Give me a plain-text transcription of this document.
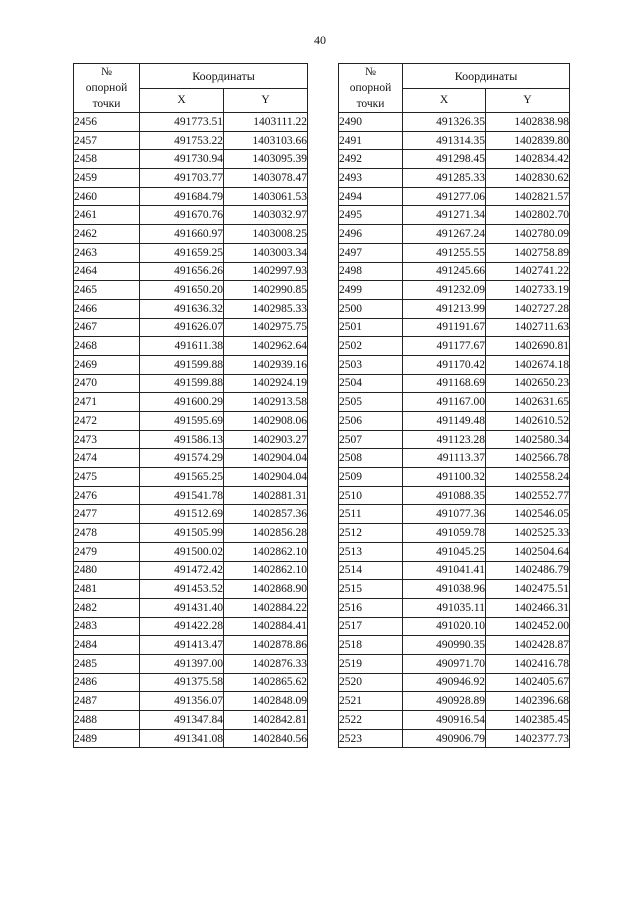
40
№
опорной
точки	Координаты	
	X	Y
2456	491773.51	1403111.22
2457	491753.22	1403103.66
2458	491730.94	1403095.39
2459	491703.77	1403078.47
2460	491684.79	1403061.53
2461	491670.76	1403032.97
2462	491660.97	1403008.25
2463	491659.25	1403003.34
2464	491656.26	1402997.93
2465	491650.20	1402990.85
2466	491636.32	1402985.33
2467	491626.07	1402975.75
2468	491611.38	1402962.64
2469	491599.88	1402939.16
2470	491599.88	1402924.19
2471	491600.29	1402913.58
2472	491595.69	1402908.06
2473	491586.13	1402903.27
2474	491574.29	1402904.04
2475	491565.25	1402904.04
2476	491541.78	1402881.31
2477	491512.69	1402857.36
2478	491505.99	1402856.28
2479	491500.02	1402862.10
2480	491472.42	1402862.10
2481	491453.52	1402868.90
2482	491431.40	1402884.22
2483	491422.28	1402884.41
2484	491413.47	1402878.86
2485	491397.00	1402876.33
2486	491375.58	1402865.62
2487	491356.07	1402848.09
2488	491347.84	1402842.81
2489	491341.08	1402840.56
№
опорной
точки	Координаты	
	X	Y
2490	491326.35	1402838.98
2491	491314.35	1402839.80
2492	491298.45	1402834.42
2493	491285.33	1402830.62
2494	491277.06	1402821.57
2495	491271.34	1402802.70
2496	491267.24	1402780.09
2497	491255.55	1402758.89
2498	491245.66	1402741.22
2499	491232.09	1402733.19
2500	491213.99	1402727.28
2501	491191.67	1402711.63
2502	491177.67	1402690.81
2503	491170.42	1402674.18
2504	491168.69	1402650.23
2505	491167.00	1402631.65
2506	491149.48	1402610.52
2507	491123.28	1402580.34
2508	491113.37	1402566.78
2509	491100.32	1402558.24
2510	491088.35	1402552.77
2511	491077.36	1402546.05
2512	491059.78	1402525.33
2513	491045.25	1402504.64
2514	491041.41	1402486.79
2515	491038.96	1402475.51
2516	491035.11	1402466.31
2517	491020.10	1402452.00
2518	490990.35	1402428.87
2519	490971.70	1402416.78
2520	490946.92	1402405.67
2521	490928.89	1402396.68
2522	490916.54	1402385.45
2523	490906.79	1402377.73
